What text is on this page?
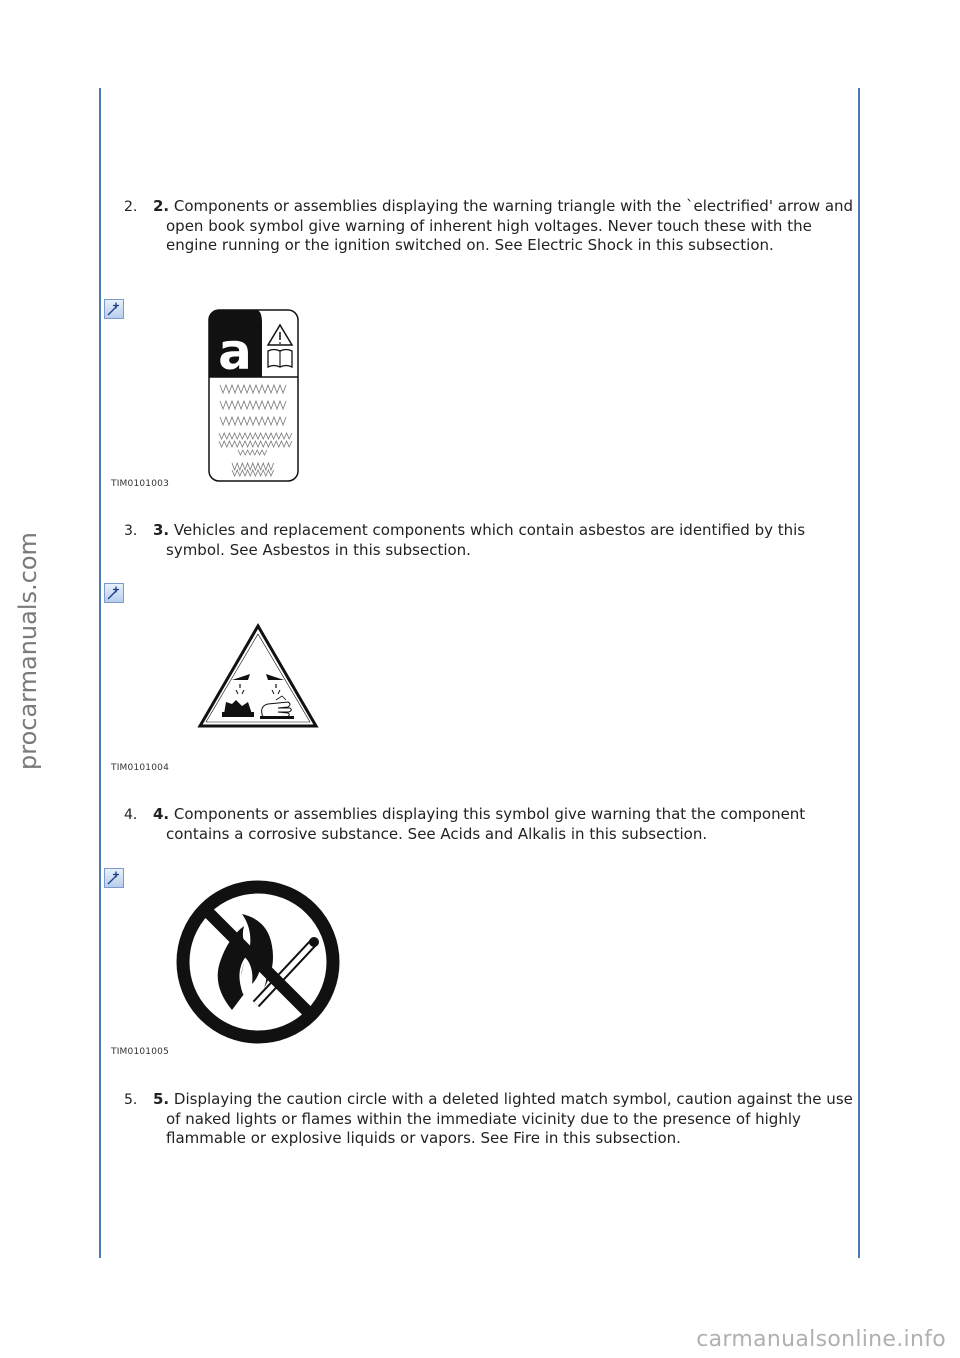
procarmanuals.com
carmanualsonline.info
2. 2. Components or assemblies displaying the warning triangle with the `electrified' arrow and open book symbol give warning of inherent high voltages. Never touch these with the engine running or the ignition switched on. See Electric Shock in this subsection.
a
TIM0101003
3. 3. Vehicles and replacement components which contain asbestos are identified by this symbol. See Asbestos in this subsection.
TIM0101004
4. 4. Components or assemblies displaying this symbol give warning that the component contains a corrosive substance. See Acids and Alkalis in this subsection.
TIM0101005
5. 5. Displaying the caution circle with a deleted lighted match symbol, caution against the use of naked lights or flames within the immediate vicinity due to the presence of highly flammable or explosive liquids or vapors. See Fire in this subsection.
